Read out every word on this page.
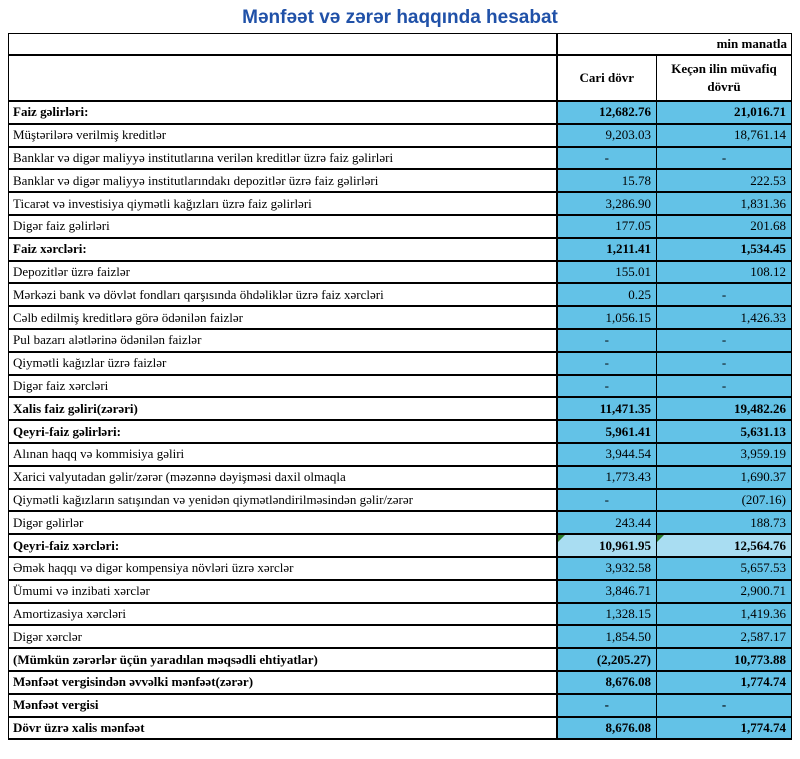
Mənfəət və zərər haqqında hesabat
	min manatla	
	Cari dövr	Keçən ilin müvafiq dövrü
Faiz gəlirləri:	12,682.76	21,016.71
Müştərilərə verilmiş kreditlər	9,203.03	18,761.14
Banklar və digər maliyyə institutlarına verilən kreditlər üzrə faiz gəlirləri	-	-
Banklar və digər maliyyə institutlarındakı depozitlər üzrə faiz gəlirləri	15.78	222.53
Ticarət və investisiya qiymətli kağızları üzrə faiz gəlirləri	3,286.90	1,831.36
Digər faiz gəlirləri	177.05	201.68
Faiz xərcləri:	1,211.41	1,534.45
Depozitlər üzrə faizlər	155.01	108.12
Mərkəzi bank və dövlət fondları qarşısında öhdəliklər üzrə faiz xərcləri	0.25	-
Cəlb edilmiş kreditlərə görə ödənilən faizlər	1,056.15	1,426.33
Pul bazarı alətlərinə ödənilən faizlər	-	-
Qiymətli kağızlar üzrə faizlər	-	-
Digər faiz xərcləri	-	-
Xalis faiz gəliri(zərəri)	11,471.35	19,482.26
Qeyri-faiz gəlirləri:	5,961.41	5,631.13
Alınan haqq və kommisiya gəliri	3,944.54	3,959.19
Xarici valyutadan gəlir/zərər (məzənnə dəyişməsi daxil olmaqla	1,773.43	1,690.37
Qiymətli kağızların satışından və yenidən qiymətləndirilməsindən gəlir/zərər	-	(207.16)
Digər gəlirlər	243.44	188.73
Qeyri-faiz xərcləri:	10,961.95	12,564.76
Əmək haqqı və digər kompensiya növləri üzrə xərclər	3,932.58	5,657.53
Ümumi və inzibati xərclər	3,846.71	2,900.71
Amortizasiya xərcləri	1,328.15	1,419.36
Digər xərclər	1,854.50	2,587.17
(Mümkün zərərlər üçün yaradılan məqsədli ehtiyatlar)	(2,205.27)	10,773.88
Mənfəət vergisindən əvvəlki mənfəət(zərər)	8,676.08	1,774.74
Mənfəət vergisi	-	-
Dövr üzrə xalis mənfəət	8,676.08	1,774.74
